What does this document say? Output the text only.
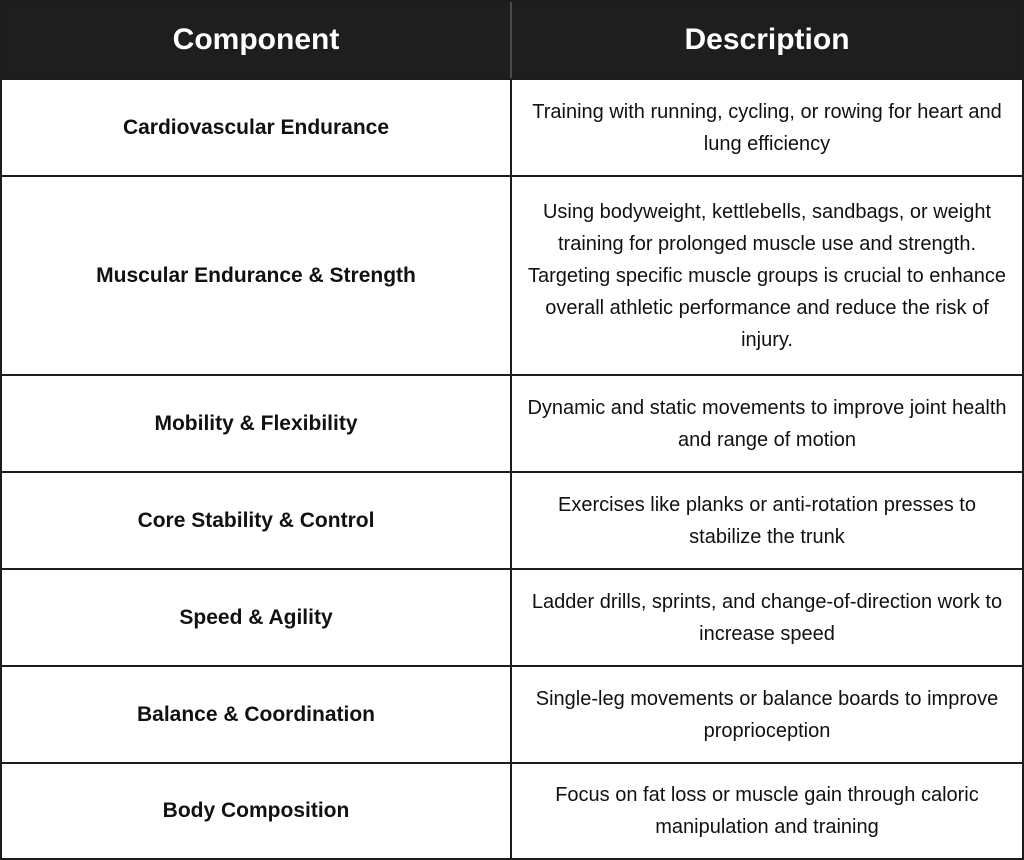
Component	Description
Cardiovascular Endurance
Training with running, cycling, or rowing for heart and lung efficiency
Muscular Endurance & Strength
Using bodyweight, kettlebells, sandbags, or weight training for prolonged muscle use and strength. Targeting specific muscle groups is crucial to enhance overall athletic performance and reduce the risk of injury.
Mobility & Flexibility
Dynamic and static movements to improve joint health and range of motion
Core Stability & Control
Exercises like planks or anti-rotation presses to stabilize the trunk
Speed & Agility
Ladder drills, sprints, and change-of-direction work to increase speed
Balance & Coordination
Single-leg movements or balance boards to improve proprioception
Body Composition
Focus on fat loss or muscle gain through caloric manipulation and training
